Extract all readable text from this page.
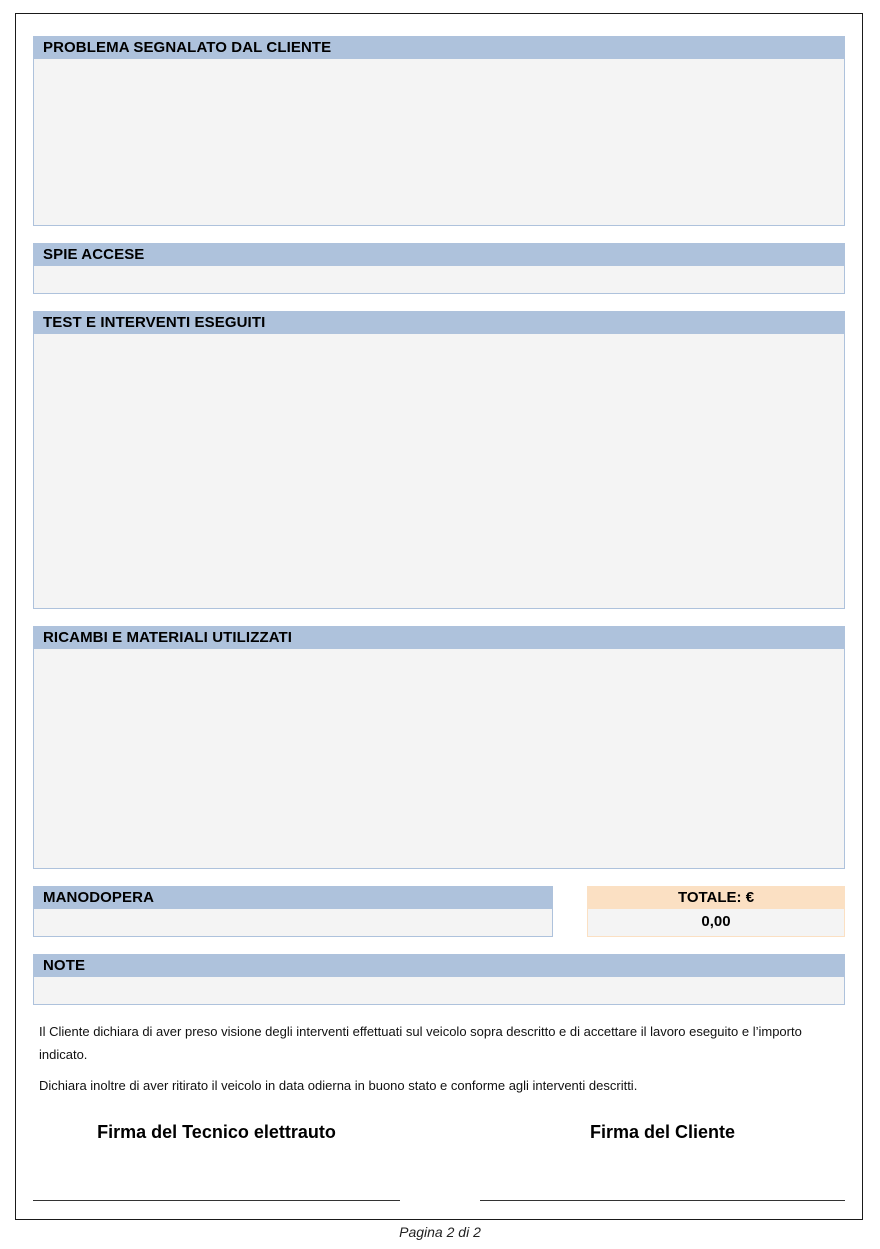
PROBLEMA SEGNALATO DAL CLIENTE
SPIE ACCESE
TEST E INTERVENTI ESEGUITI
RICAMBI E MATERIALI UTILIZZATI
MANODOPERA	TOTALE: €
0,00
NOTE

Il Cliente dichiara di aver preso visione degli interventi effettuati sul veicolo sopra descritto e di accettare il lavoro eseguito e l’importo indicato.

Dichiara inoltre di aver ritirato il veicolo in data odierna in buono stato e conforme agli interventi descritti.

Firma del Tecnico elettrauto	Firma del Cliente
Pagina 2 di 2
